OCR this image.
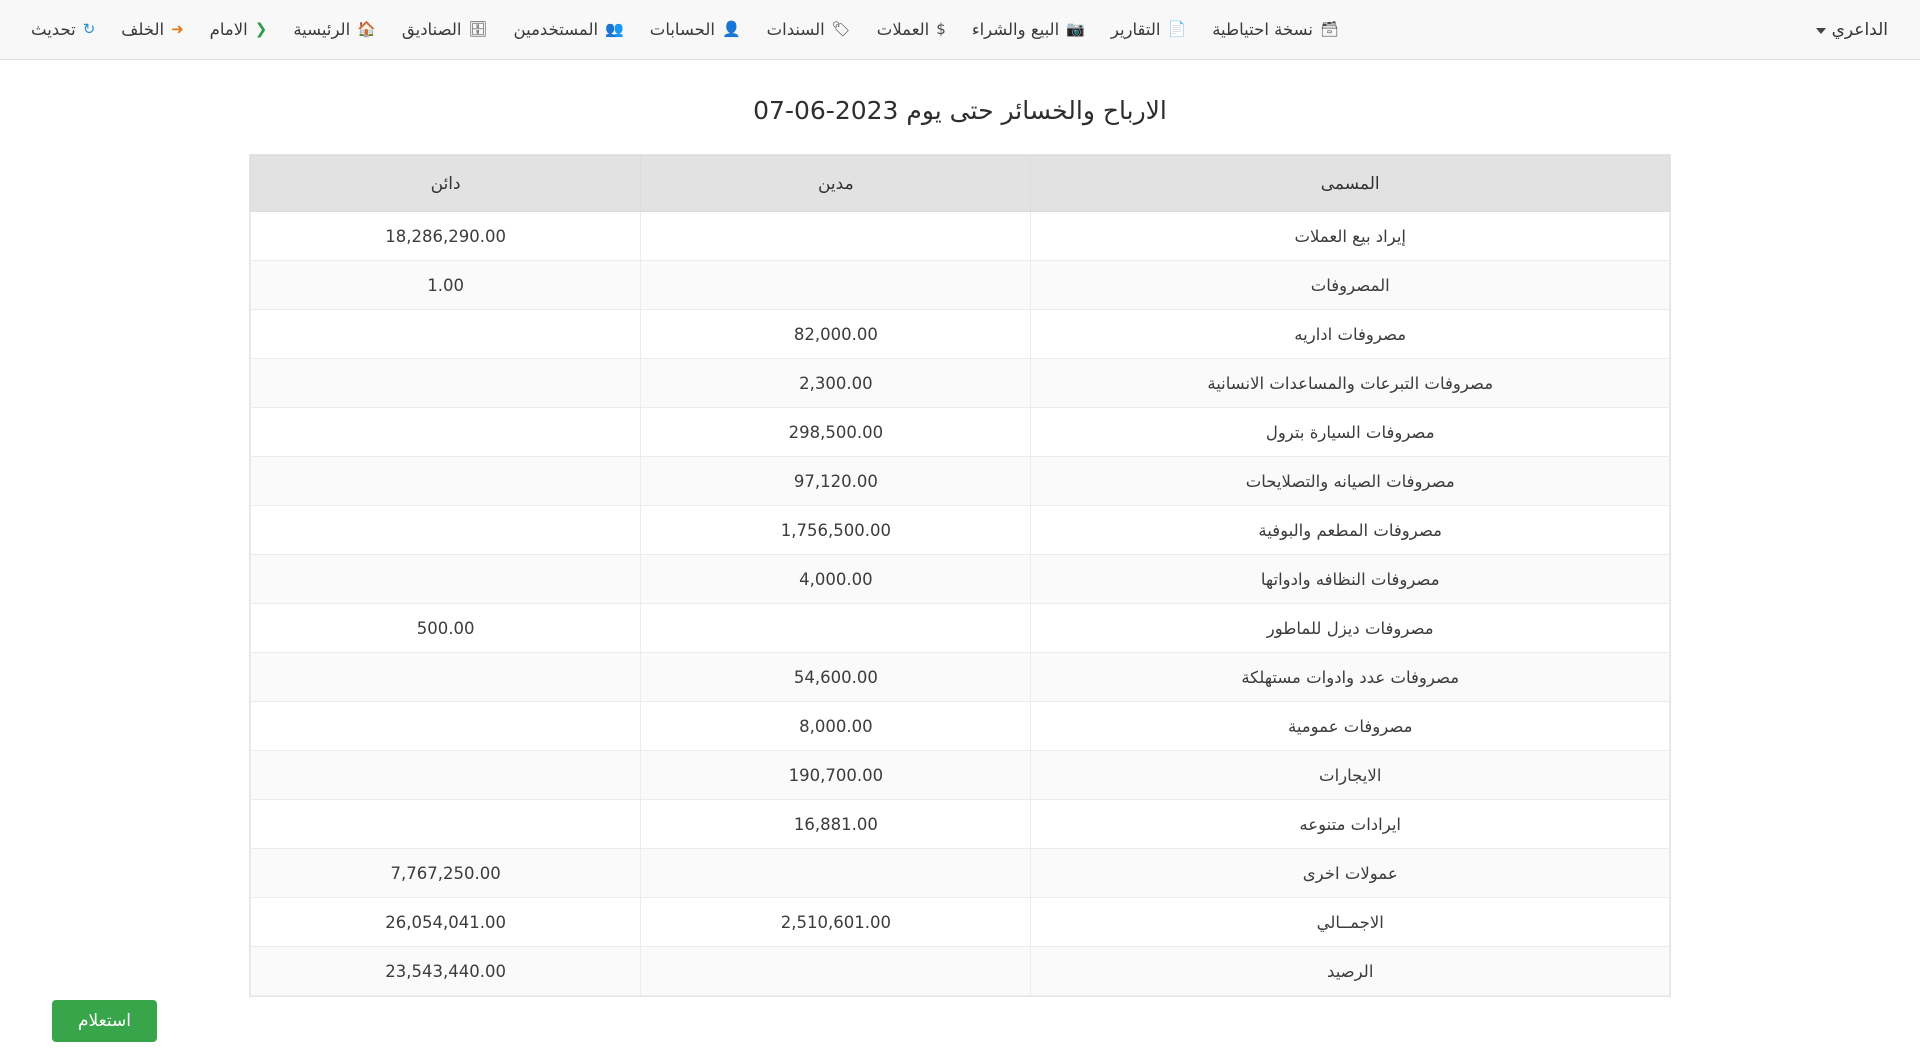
الداعري
🗃
نسخة احتياطية
📄
التقارير
📷
البيع والشراء
$
العملات
🏷
السندات
👤
الحسابات
👥
المستخدمين
🗄
الصناديق
🏠
الرئيسية
❮
الامام
➜
الخلف
↻
تحديث
الارباح والخسائر حتى يوم 2023-06-07
المسمى	مدين	دائن
إيراد بيع العملات		18,286,290.00
المصروفات		1.00
مصروفات اداريه	82,000.00	
مصروفات التبرعات والمساعدات الانسانية	2,300.00	
مصروفات السيارة بترول	298,500.00	
مصروفات الصيانه والتصلايحات	97,120.00	
مصروفات المطعم والبوفية	1,756,500.00	
مصروفات النظافه وادواتها	4,000.00	
مصروفات ديزل للماطور		500.00
مصروفات عدد وادوات مستهلكة	54,600.00	
مصروفات عمومية	8,000.00	
الايجارات	190,700.00	
ايرادات متنوعه	16,881.00	
عمولات اخرى		7,767,250.00
الاجمــالي	2,510,601.00	26,054,041.00
الرصيد		23,543,440.00
استعلام
